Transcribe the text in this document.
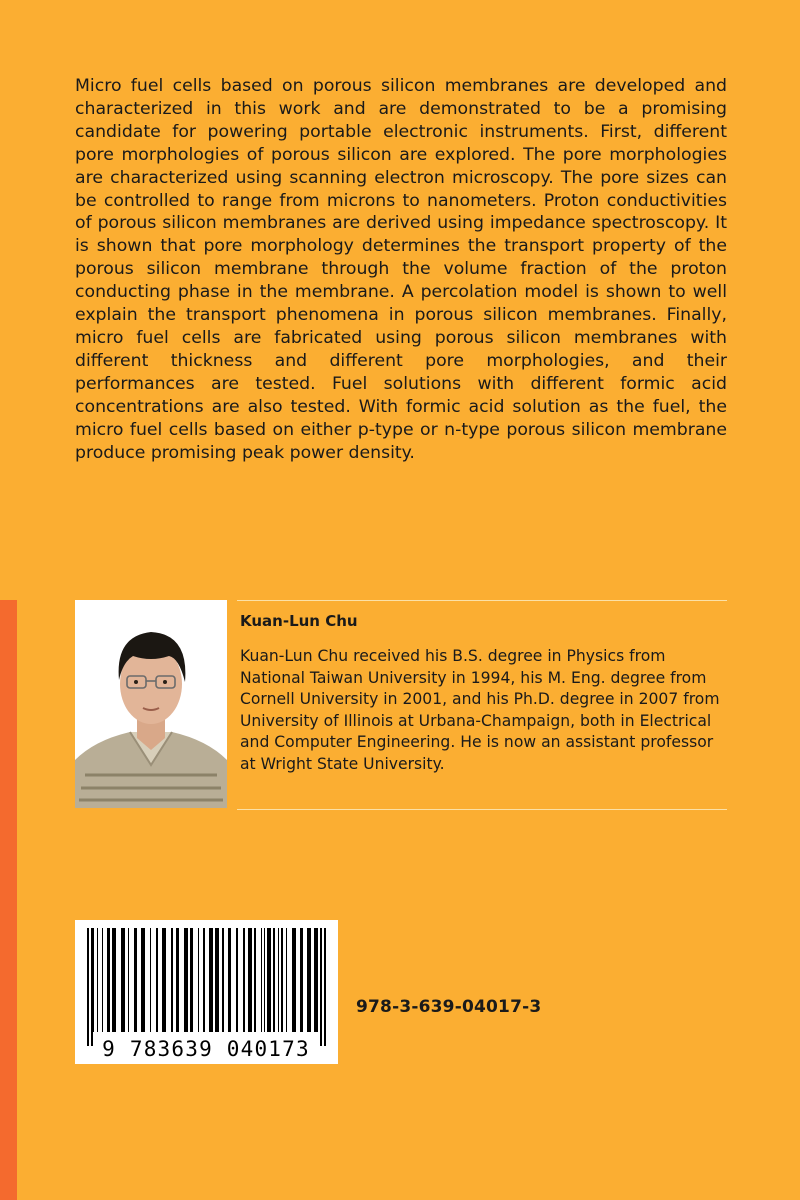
Micro fuel cells based on porous silicon membranes are developed and characterized in this work and are demonstrated to be a promising candidate for powering portable electronic instruments. First, different pore morphologies of porous silicon are explored. The pore morphologies are characterized using scanning electron microscopy. The pore sizes can be controlled to range from microns to nanometers. Proton conductivities of porous silicon membranes are derived using impedance spectroscopy. It is shown that pore morphology determines the transport property of the porous silicon membrane through the volume fraction of the proton conducting phase in the membrane. A percolation model is shown to well explain the transport phenomena in porous silicon membranes. Finally, micro fuel cells are fabricated using porous silicon membranes with different thickness and different pore morphologies, and their performances are tested. Fuel solutions with different formic acid concentrations are also tested. With formic acid solution as the fuel, the micro fuel cells based on either p-type or n-type porous silicon membrane produce promising peak power density.

Kuan-Lun Chu

Kuan-Lun Chu received his B.S. degree in Physics from National Taiwan University in 1994, his M. Eng. degree from Cornell University in 2001, and his Ph.D. degree in 2007 from University of Illinois at Urbana-Champaign, both in Electrical and Computer Engineering. He is now an assistant professor at Wright State University.

9 783639 040173

978-3-639-04017-3
